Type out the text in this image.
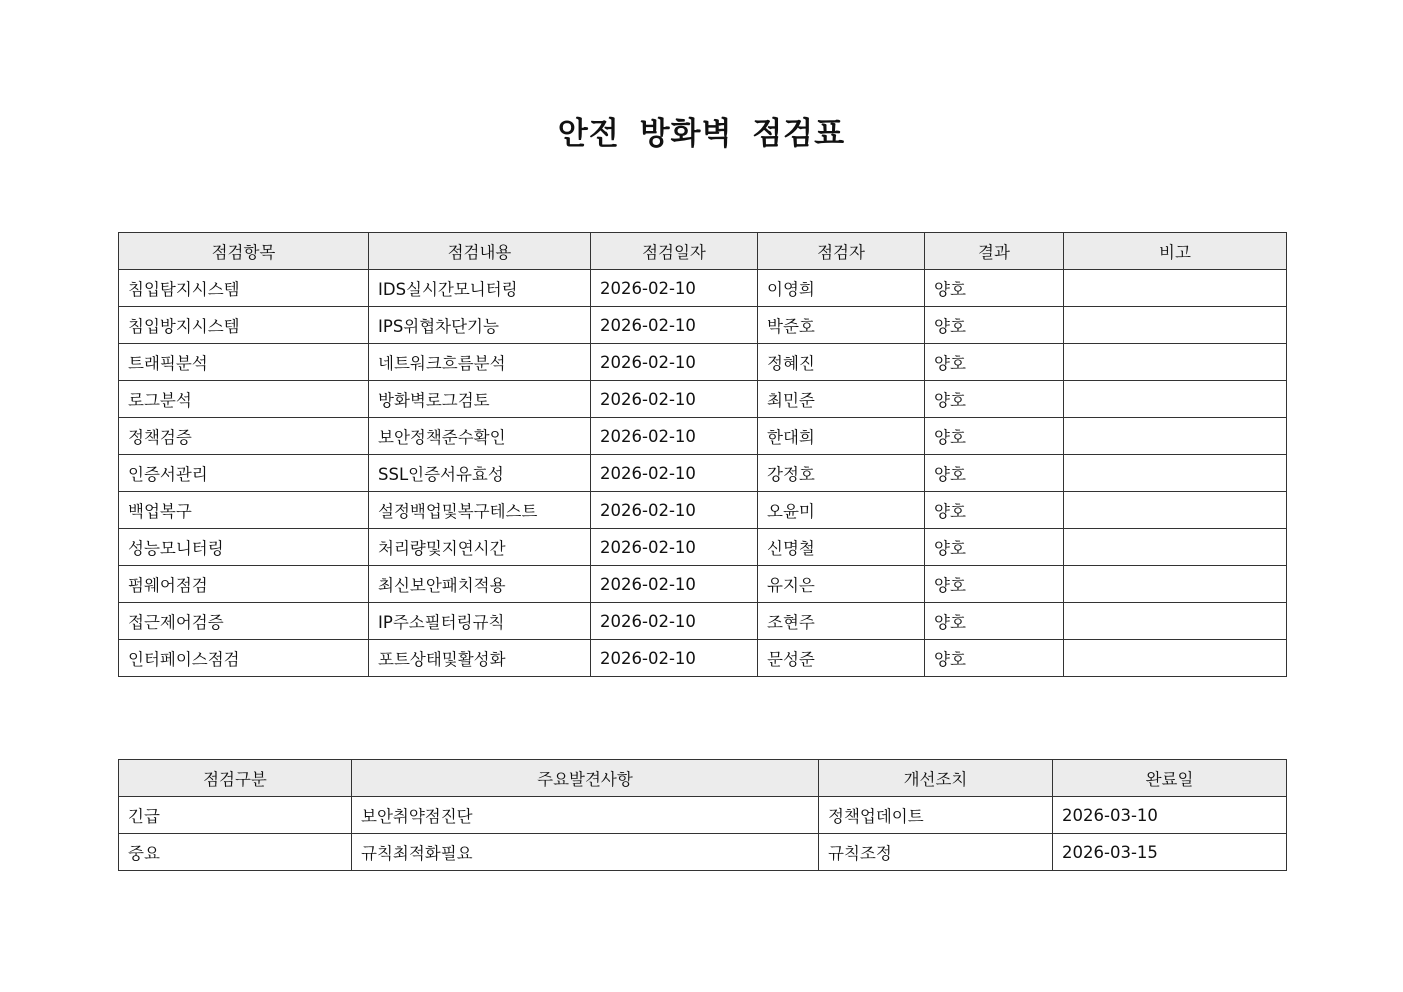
안전 방화벽 점검표
점검항목	점검내용	점검일자	점검자	결과	비고
침입탐지시스템	IDS실시간모니터링	2026-02-10	이영희	양호	
침입방지시스템	IPS위협차단기능	2026-02-10	박준호	양호	
트래픽분석	네트워크흐름분석	2026-02-10	정혜진	양호	
로그분석	방화벽로그검토	2026-02-10	최민준	양호	
정책검증	보안정책준수확인	2026-02-10	한대희	양호	
인증서관리	SSL인증서유효성	2026-02-10	강정호	양호	
백업복구	설정백업및복구테스트	2026-02-10	오윤미	양호	
성능모니터링	처리량및지연시간	2026-02-10	신명철	양호	
펌웨어점검	최신보안패치적용	2026-02-10	유지은	양호	
접근제어검증	IP주소필터링규칙	2026-02-10	조현주	양호	
인터페이스점검	포트상태및활성화	2026-02-10	문성준	양호	
점검구분	주요발견사항	개선조치	완료일
긴급	보안취약점진단	정책업데이트	2026-03-10
중요	규칙최적화필요	규칙조정	2026-03-15
